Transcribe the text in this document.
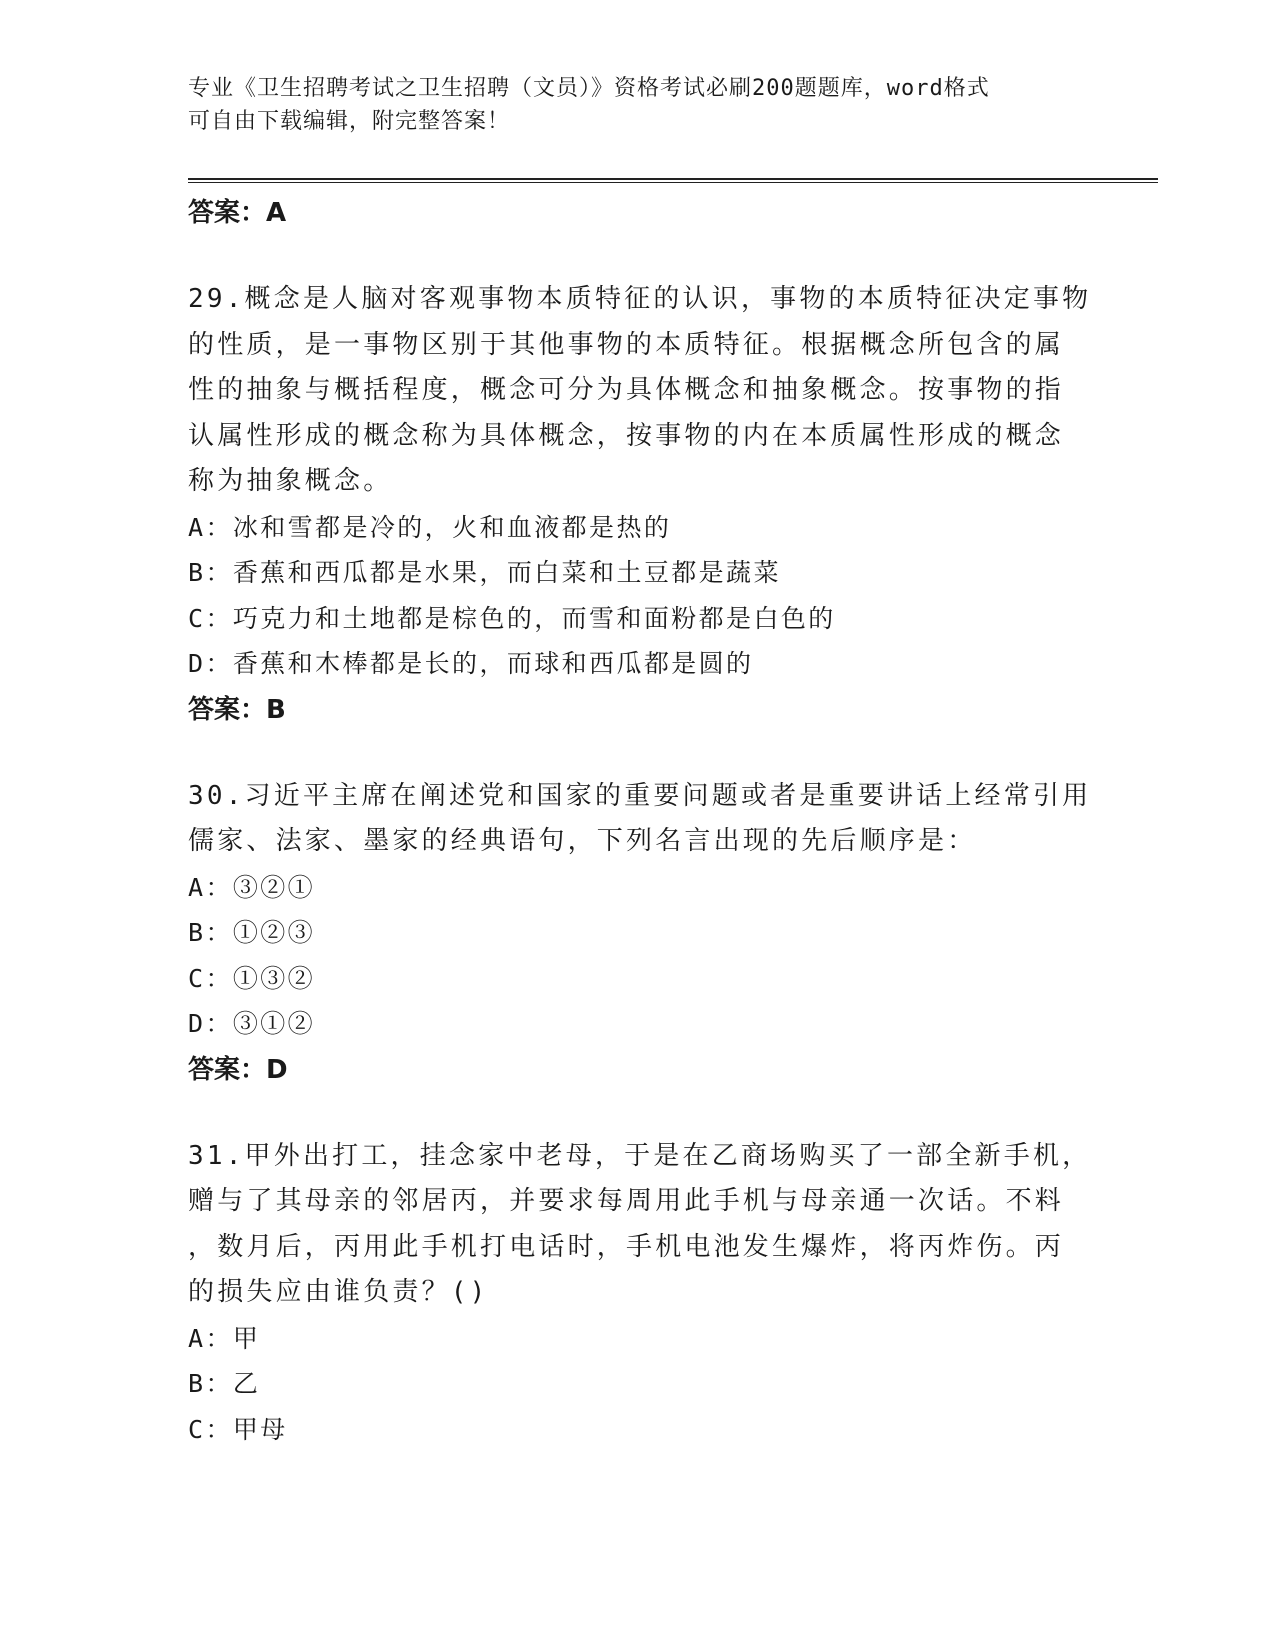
专业《卫生招聘考试之卫生招聘（文员）》资格考试必刷200题题库，word格式
可自由下载编辑，附完整答案！
答案：A
29.概念是人脑对客观事物本质特征的认识，事物的本质特征决定事物
的性质，是一事物区别于其他事物的本质特征。根据概念所包含的属
性的抽象与概括程度，概念可分为具体概念和抽象概念。按事物的指
认属性形成的概念称为具体概念，按事物的内在本质属性形成的概念
称为抽象概念。
A：冰和雪都是冷的，火和血液都是热的
B：香蕉和西瓜都是水果，而白菜和土豆都是蔬菜
C：巧克力和土地都是棕色的，而雪和面粉都是白色的
D：香蕉和木棒都是长的，而球和西瓜都是圆的
答案：B
30.习近平主席在阐述党和国家的重要问题或者是重要讲话上经常引用
儒家、法家、墨家的经典语句，下列名言出现的先后顺序是：
A：③②①
B：①②③
C：①③②
D：③①②
答案：D
31.甲外出打工，挂念家中老母，于是在乙商场购买了一部全新手机，
赠与了其母亲的邻居丙，并要求每周用此手机与母亲通一次话。不料
，数月后，丙用此手机打电话时，手机电池发生爆炸，将丙炸伤。丙
的损失应由谁负责？()
A：甲
B：乙
C：甲母
